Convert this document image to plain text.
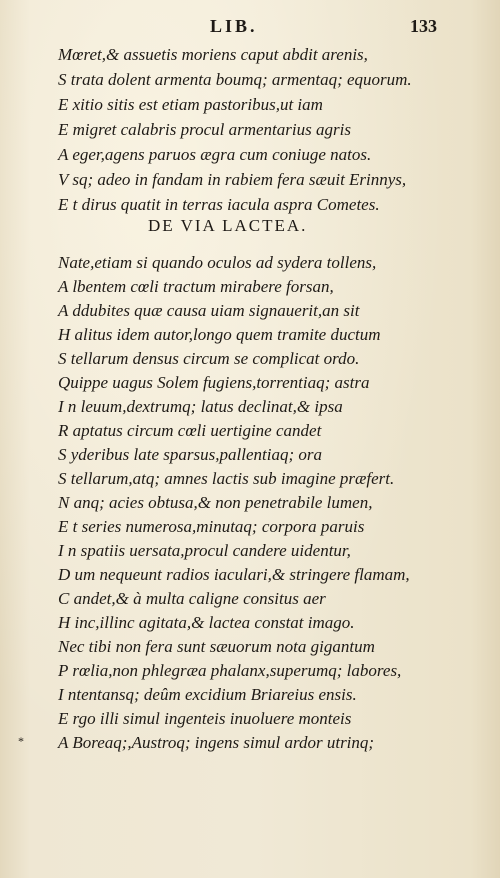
LIB.	133
Mœret,& assuetis moriens caput abdit arenis,
S trata dolent armenta boumq; armentaq; equorum.
E xitio sitis est etiam pastoribus,ut iam
E migret calabris procul armentarius agris
A eger,agens paruos ægra cum coniuge natos.
V sq; adeo in fandam in rabiem fera sæuit Erinnys,
E t dirus quatit in terras iacula aspra Cometes.
Nate,etiam si quando oculos ad sydera tollens,
A lbentem cœli tractum mirabere forsan,
A ddubites quæ causa uiam signauerit,an sit
H alitus idem autor,longo quem tramite ductum
S tellarum densus circum se complicat ordo.
Quippe uagus Solem fugiens,torrentiaq; astra
I n leuum,dextrumq; latus declinat,& ipsa
R aptatus circum cœli uertigine candet
S yderibus late sparsus,pallentiaq; ora
S tellarum,atq; amnes lactis sub imagine præfert.
N anq; acies obtusa,& non penetrabile lumen,
E t series numerosa,minutaq; corpora paruis
I n spatiis uersata,procul candere uidentur,
D um nequeunt radios iaculari,& stringere flamam,
C andet,& à multa caligne consitus aer
H inc,illinc agitata,& lactea constat imago.
Nec tibi non fera sunt sæuorum nota gigantum
P rœlia,non phlegræa phalanx,superumq; labores,
I ntentansq; deûm excidium Briareius ensis.
E rgo illi simul ingenteis inuoluere monteis
A Boreaq;,Austroq; ingens simul ardor utrinq;
DE VIA LACTEA.
*
